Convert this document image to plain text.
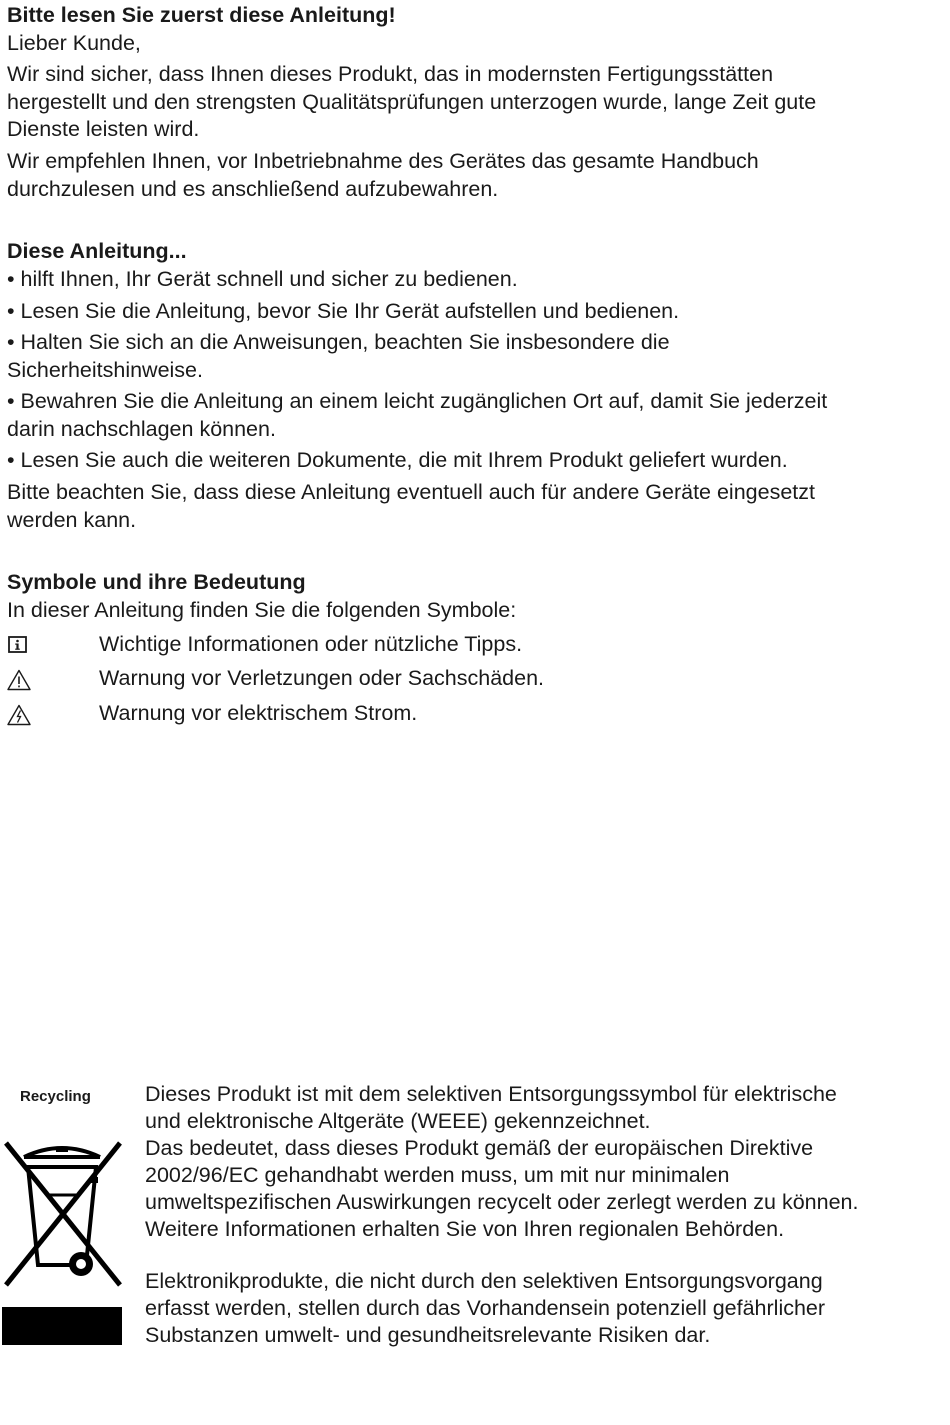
Bitte lesen Sie zuerst diese Anleitung!

Lieber Kunde,

Wir sind sicher, dass Ihnen dieses Produkt, das in modernsten Fertigungsstätten

hergestellt und den strengsten Qualitätsprüfungen unterzogen wurde, lange Zeit gute

Dienste leisten wird.

Wir empfehlen Ihnen, vor Inbetriebnahme des Gerätes das gesamte Handbuch

durchzulesen und es anschließend aufzubewahren.

Diese Anleitung...

• hilft Ihnen, Ihr Gerät schnell und sicher zu bedienen.

• Lesen Sie die Anleitung, bevor Sie Ihr Gerät aufstellen und bedienen.

• Halten Sie sich an die Anweisungen, beachten Sie insbesondere die

Sicherheitshinweise.

• Bewahren Sie die Anleitung an einem leicht zugänglichen Ort auf, damit Sie jederzeit

darin nachschlagen können.

• Lesen Sie auch die weiteren Dokumente, die mit Ihrem Produkt geliefert wurden.

Bitte beachten Sie, dass diese Anleitung eventuell auch für andere Geräte eingesetzt

werden kann.

Symbole und ihre Bedeutung

In dieser Anleitung finden Sie die folgenden Symbole:

Wichtige Informationen oder nützliche Tipps.
Warnung vor Verletzungen oder Sachschäden.
Warnung vor elektrischem Strom.
Recycling	Dieses Produkt ist mit dem selektiven Entsorgungssymbol für elektrische
und elektronische Altgeräte (WEEE) gekennzeichnet.
Das bedeutet, dass dieses Produkt gemäß der europäischen Direktive
2002/96/EC gehandhabt werden muss, um mit nur minimalen
umweltspezifischen Auswirkungen recycelt oder zerlegt werden zu können.
Weitere Informationen erhalten Sie von Ihren regionalen Behörden.
Elektronikprodukte, die nicht durch den selektiven Entsorgungsvorgang
erfasst werden, stellen durch das Vorhandensein potenziell gefährlicher
Substanzen umwelt- und gesundheitsrelevante Risiken dar.
